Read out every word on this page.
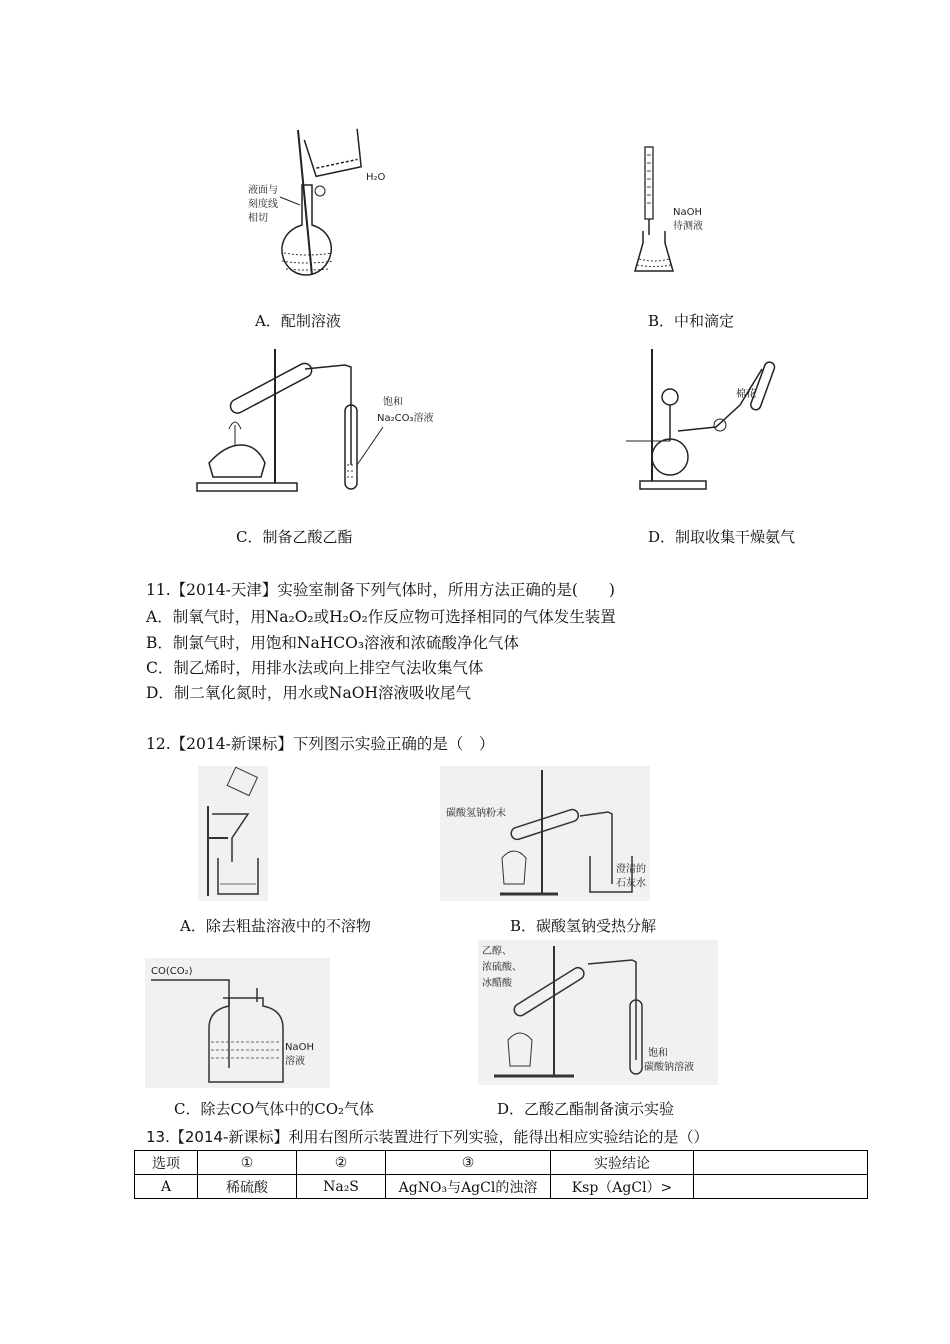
H₂O
液面与
刻度线
相切
A．配制溶液
NaOH
待测液
B．中和滴定
饱和
Na₂CO₃溶液
C．制备乙酸乙酯
棉花
D．制取收集干燥氨气
11.【2014-天津】实验室制备下列气体时，所用方法正确的是(　　)
A．制氧气时，用Na₂O₂或H₂O₂作反应物可选择相同的气体发生装置
B．制氯气时，用饱和NaHCO₃溶液和浓硫酸净化气体
C．制乙烯时，用排水法或向上排空气法收集气体
D．制二氧化氮时，用水或NaOH溶液吸收尾气
12.【2014-新课标】下列图示实验正确的是（　）
A．除去粗盐溶液中的不溶物
碳酸氢钠粉末
澄清的
石灰水
B．碳酸氢钠受热分解
CO(CO₂)
NaOH
溶液
C．除去CO气体中的CO₂气体
乙醇、
浓硫酸、
冰醋酸
饱和
碳酸钠溶液
D．乙酸乙酯制备演示实验
13.【2014-新课标】利用右图所示装置进行下列实验，能得出相应实验结论的是（）
选项	①	②	③	实验结论	
A	稀硫酸	Na₂S	AgNO₃与AgCl的浊溶	Ksp（AgCl）>	
